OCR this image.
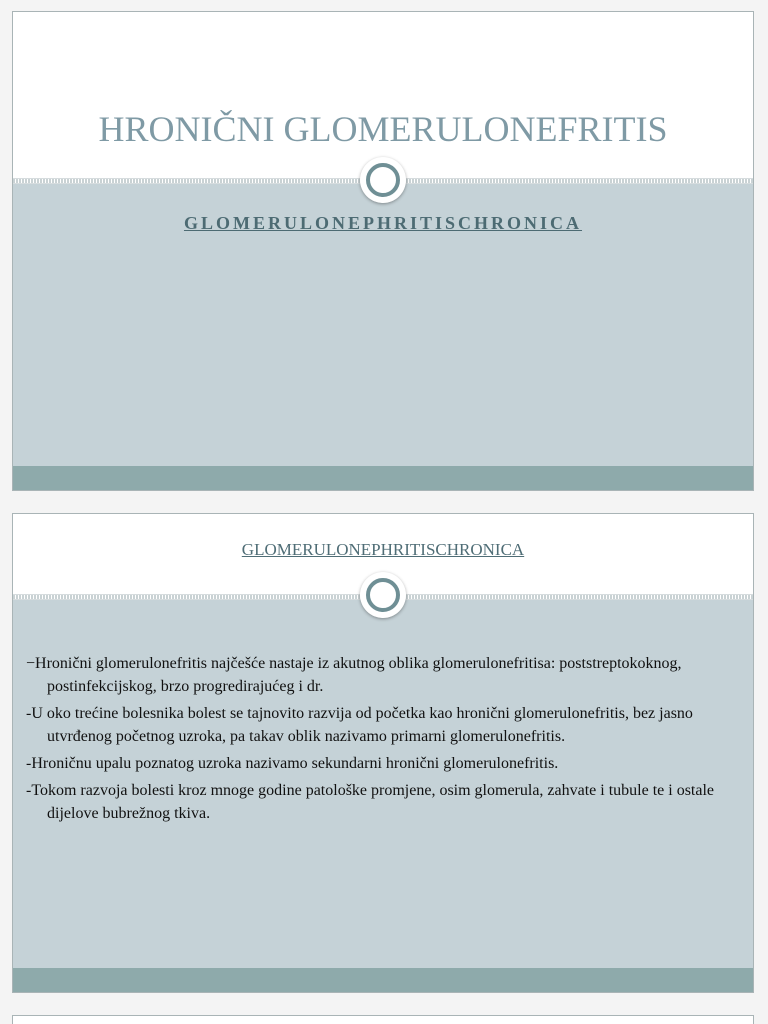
HRONIČNI GLOMERULONEFRITIS
GLOMERULONEPHRITISCHRONICA
GLOMERULONEPHRITISCHRONICA
−Hronični glomerulonefritis najčešće nastaje iz akutnog oblika glomerulonefritisa: poststreptokoknog, postinfekcijskog, brzo progredirajućeg i dr.
-U oko trećine bolesnika bolest se tajnovito razvija od početka kao hronični glomerulonefritis, bez jasno utvrđenog početnog uzroka, pa takav oblik nazivamo primarni glomerulonefritis.
-Hroničnu upalu poznatog uzroka nazivamo sekundarni hronični glomerulonefritis.
-Tokom razvoja bolesti kroz mnoge godine patološke promjene, osim glomerula, zahvate i tubule te i ostale dijelove bubrežnog tkiva.
